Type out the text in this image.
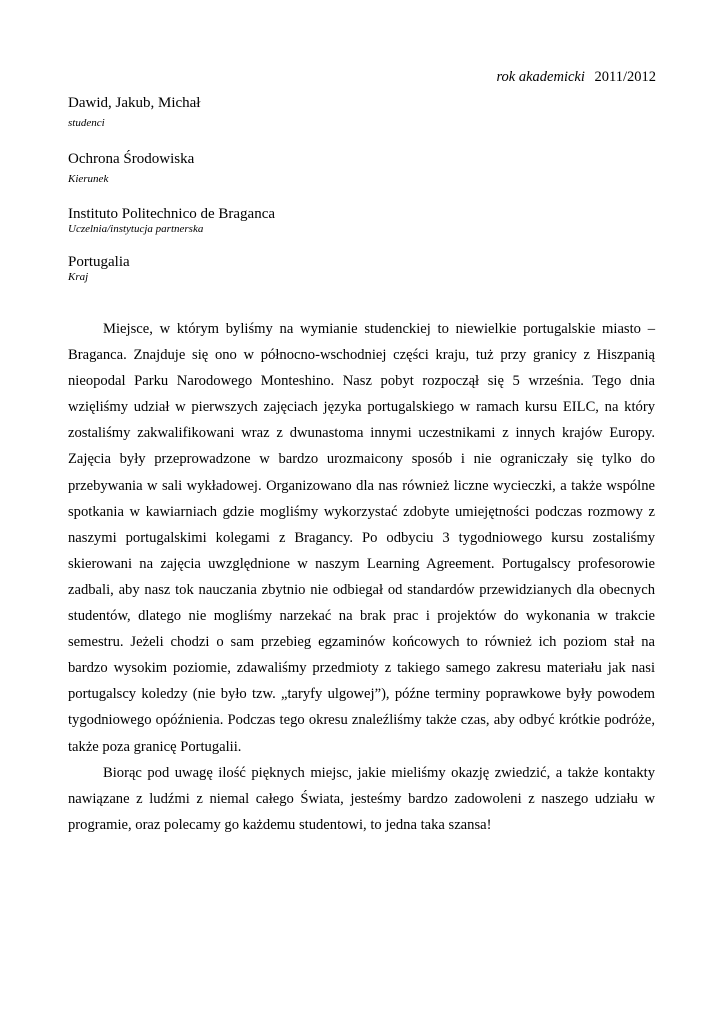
rok akademicki 2011/2012
Dawid, Jakub, Michał
studenci
Ochrona Środowiska
Kierunek
Instituto Politechnico de Braganca
Uczelnia/instytucja partnerska
Portugalia
Kraj

Miejsce, w którym byliśmy na wymianie studenckiej to niewielkie portugalskie miasto – Braganca. Znajduje się ono w północno-wschodniej części kraju, tuż przy granicy z Hiszpanią nieopodal Parku Narodowego Monteshino. Nasz pobyt rozpoczął się 5 września. Tego dnia wzięliśmy udział w pierwszych zajęciach języka portugalskiego w ramach kursu EILC, na który zostaliśmy zakwalifikowani wraz z dwunastoma innymi uczestnikami z innych krajów Europy. Zajęcia były przeprowadzone w bardzo urozmaicony sposób i nie ograniczały się tylko do przebywania w sali wykładowej. Organizowano dla nas również liczne wycieczki, a także wspólne spotkania w kawiarniach gdzie mogliśmy wykorzystać zdobyte umiejętności podczas rozmowy z naszymi portugalskimi kolegami z Bragancy. Po odbyciu 3 tygodniowego kursu zostaliśmy skierowani na zajęcia uwzględnione w naszym Learning Agreement. Portugalscy profesorowie zadbali, aby nasz tok nauczania zbytnio nie odbiegał od standardów przewidzianych dla obecnych studentów, dlatego nie mogliśmy narzekać na brak prac i projektów do wykonania w trakcie semestru. Jeżeli chodzi o sam przebieg egzaminów końcowych to również ich poziom stał na bardzo wysokim poziomie, zdawaliśmy przedmioty z takiego samego zakresu materiału jak nasi portugalscy koledzy (nie było tzw. „taryfy ulgowej”), późne terminy poprawkowe były powodem tygodniowego opóźnienia. Podczas tego okresu znaleźliśmy także czas, aby odbyć krótkie podróże, także poza granicę Portugalii.

Biorąc pod uwagę ilość pięknych miejsc, jakie mieliśmy okazję zwiedzić, a także kontakty nawiązane z ludźmi z niemal całego Świata, jesteśmy bardzo zadowoleni z naszego udziału w programie, oraz polecamy go każdemu studentowi, to jedna taka szansa!
